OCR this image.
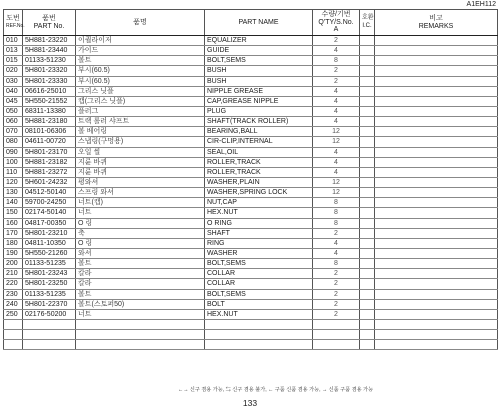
A1EH112
도번
REF.No.	품번
PART No.	품명	PART NAME	수량/기번
Q'TY/S.No.
A	호환
I.C.	비고
REMARKS

010	5H881-23220	이퀄라이저	EQUALIZER	2		
013	5H881-23440	가이드	GUIDE	4		
015	01133-51230	볼트	BOLT,SEMS	8		
020	5H801-23320	부시(60.5)	BUSH	2		
030	5H801-23330	부시(60.5)	BUSH	2		
040	06616-25010	그리스 닛플	NIPPLE GREASE	4		
045	5H550-21552	캡(그리스 닛플)	CAP,GREASE NIPPLE	4		
050	68311-13380	플러그	PLUG	4		
060	5H881-23180	트랙 롤러 샤프트	SHAFT(TRACK ROLLER)	4		
070	08101-06306	볼 베어링	BEARING,BALL	12		
080	04611-00720	스냅링(구멍용)	CIR-CLIP,INTERNAL	12		
090	5H801-23170	오일 씰	SEAL,OIL	4		
100	5H881-23182	지륜 바퀴	ROLLER,TRACK	4		
110	5H881-23272	지륜 바퀴	ROLLER,TRACK	4		
120	5H601-24232	평와셔	WASHER,PLAIN	12		
130	04512-50140	스프링 와셔	WASHER,SPRING LOCK	12		
140	59700-24250	너트(캡)	NUT,CAP	8		
150	02174-50140	너트	HEX.NUT	8		
160	04817-00350	O 링	O RING	8		
170	5H801-23210	축	SHAFT	2		
180	04811-10350	O 링	RING	4		
190	5H550-21260	와셔	WASHER	4		
200	01133-51235	볼트	BOLT,SEMS	8		
210	5H801-23243	칼라	COLLAR	2		
220	5H801-23250	칼라	COLLAR	2		
230	01133-51235	볼트	BOLT,SEMS	2		
240	5H801-22370	볼트(스토퍼50)	BOLT	2		
250	02176-50200	너트	HEX.NUT	2		

←→ 신구 겸용 가능, ⇆ 신구 겸용 불가, ← 구품 신품 겸용 가능, → 신품 구품 겸용 가능
133
